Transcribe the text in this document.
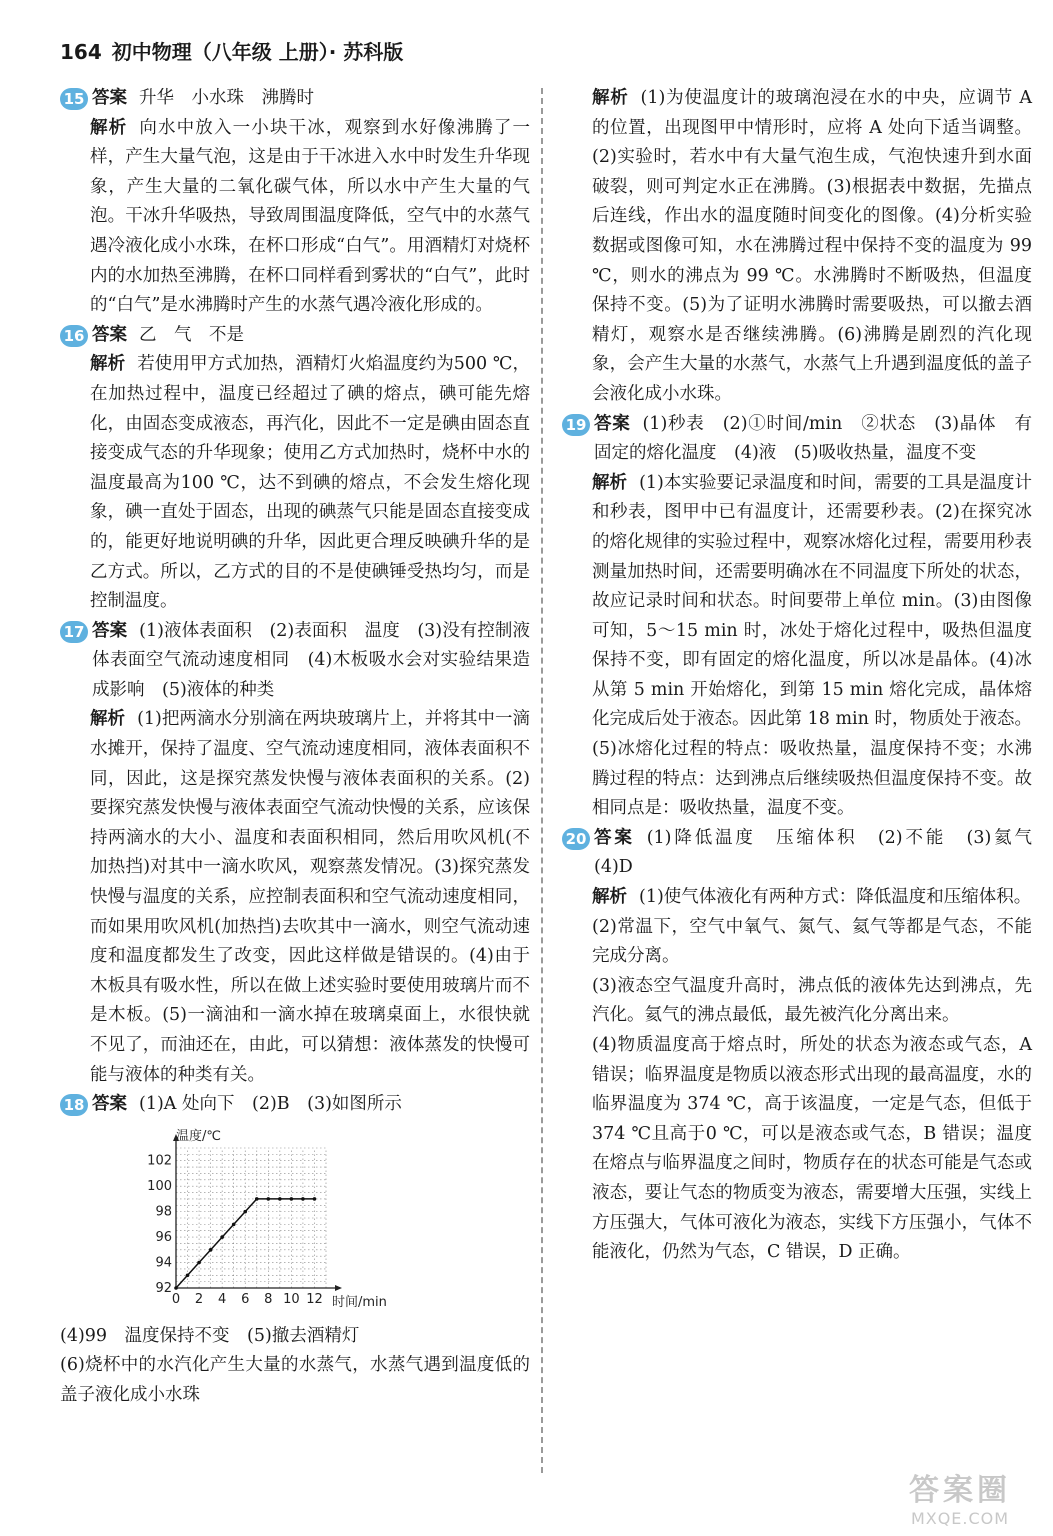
164 初中物理（八年级 上册）· 苏科版

15 答案 升华　小水珠　沸腾时

解析 向水中放入一小块干冰，观察到水好像沸腾了一样，产生大量气泡，这是由于干冰进入水中时发生升华现象，产生大量的二氧化碳气体，所以水中产生大量的气泡。干冰升华吸热，导致周围温度降低，空气中的水蒸气遇冷液化成小水珠，在杯口形成“白气”。用酒精灯对烧杯内的水加热至沸腾，在杯口同样看到雾状的“白气”，此时的“白气”是水沸腾时产生的水蒸气遇冷液化形成的。

16 答案 乙　气　不是

解析 若使用甲方式加热，酒精灯火焰温度约为500 ℃，在加热过程中，温度已经超过了碘的熔点，碘可能先熔化，由固态变成液态，再汽化，因此不一定是碘由固态直接变成气态的升华现象；使用乙方式加热时，烧杯中水的温度最高为100 ℃，达不到碘的熔点，不会发生熔化现象，碘一直处于固态，出现的碘蒸气只能是固态直接变成的，能更好地说明碘的升华，因此更合理反映碘升华的是乙方式。所以，乙方式的目的不是使碘锤受热均匀，而是控制温度。

17 答案 (1)液体表面积　(2)表面积　温度　(3)没有控制液体表面空气流动速度相同　(4)木板吸水会对实验结果造成影响　(5)液体的种类

解析 (1)把两滴水分别滴在两块玻璃片上，并将其中一滴水摊开，保持了温度、空气流动速度相同，液体表面积不同，因此，这是探究蒸发快慢与液体表面积的关系。(2)要探究蒸发快慢与液体表面空气流动快慢的关系，应该保持两滴水的大小、温度和表面积相同，然后用吹风机(不加热挡)对其中一滴水吹风，观察蒸发情况。(3)探究蒸发快慢与温度的关系，应控制表面积和空气流动速度相同，而如果用吹风机(加热挡)去吹其中一滴水，则空气流动速度和温度都发生了改变，因此这样做是错误的。(4)由于木板具有吸水性，所以在做上述实验时要使用玻璃片而不是木板。(5)一滴油和一滴水掉在玻璃桌面上，水很快就不见了，而油还在，由此，可以猜想：液体蒸发的快慢可能与液体的种类有关。

18 答案 (1)A 处向下　(2)B　(3)如图所示

0 2 4 6 8 10 12
92
94
96
98
100
102
温度/℃
时间/min

(4)99　温度保持不变　(5)撤去酒精灯

(6)烧杯中的水汽化产生大量的水蒸气，水蒸气遇到温度低的盖子液化成小水珠

解析 (1)为使温度计的玻璃泡浸在水的中央，应调节 A 的位置，出现图甲中情形时，应将 A 处向下适当调整。(2)实验时，若水中有大量气泡生成，气泡快速升到水面破裂，则可判定水正在沸腾。(3)根据表中数据，先描点后连线，作出水的温度随时间变化的图像。(4)分析实验数据或图像可知，水在沸腾过程中保持不变的温度为 99 ℃，则水的沸点为 99 ℃。水沸腾时不断吸热，但温度保持不变。(5)为了证明水沸腾时需要吸热，可以撤去酒精灯，观察水是否继续沸腾。(6)沸腾是剧烈的汽化现象，会产生大量的水蒸气，水蒸气上升遇到温度低的盖子会液化成小水珠。

19 答案 (1)秒表　(2)①时间/min　②状态　(3)晶体　有固定的熔化温度　(4)液　(5)吸收热量，温度不变

解析 (1)本实验要记录温度和时间，需要的工具是温度计和秒表，图甲中已有温度计，还需要秒表。(2)在探究冰的熔化规律的实验过程中，观察冰熔化过程，需要用秒表测量加热时间，还需要明确冰在不同温度下所处的状态，故应记录时间和状态。时间要带上单位 min。(3)由图像可知，5～15 min 时，冰处于熔化过程中，吸热但温度保持不变，即有固定的熔化温度，所以冰是晶体。(4)冰从第 5 min 开始熔化，到第 15 min 熔化完成，晶体熔化完成后处于液态。因此第 18 min 时，物质处于液态。(5)冰熔化过程的特点：吸收热量，温度保持不变；水沸腾过程的特点：达到沸点后继续吸热但温度保持不变。故相同点是：吸收热量，温度不变。

20 答案 (1)降低温度　压缩体积　(2)不能　(3)氦气　(4)D

解析 (1)使气体液化有两种方式：降低温度和压缩体积。

(2)常温下，空气中氧气、氮气、氦气等都是气态，不能完成分离。

(3)液态空气温度升高时，沸点低的液体先达到沸点，先汽化。氦气的沸点最低，最先被汽化分离出来。

(4)物质温度高于熔点时，所处的状态为液态或气态，A 错误；临界温度是物质以液态形式出现的最高温度，水的临界温度为 374 ℃，高于该温度，一定是气态，但低于 374 ℃且高于0 ℃，可以是液态或气态，B 错误；温度在熔点与临界温度之间时，物质存在的状态可能是气态或液态，要让气态的物质变为液态，需要增大压强，实线上方压强大，气体可液化为液态，实线下方压强小，气体不能液化，仍然为气态，C 错误，D 正确。

答案圈
MXQE.COM
